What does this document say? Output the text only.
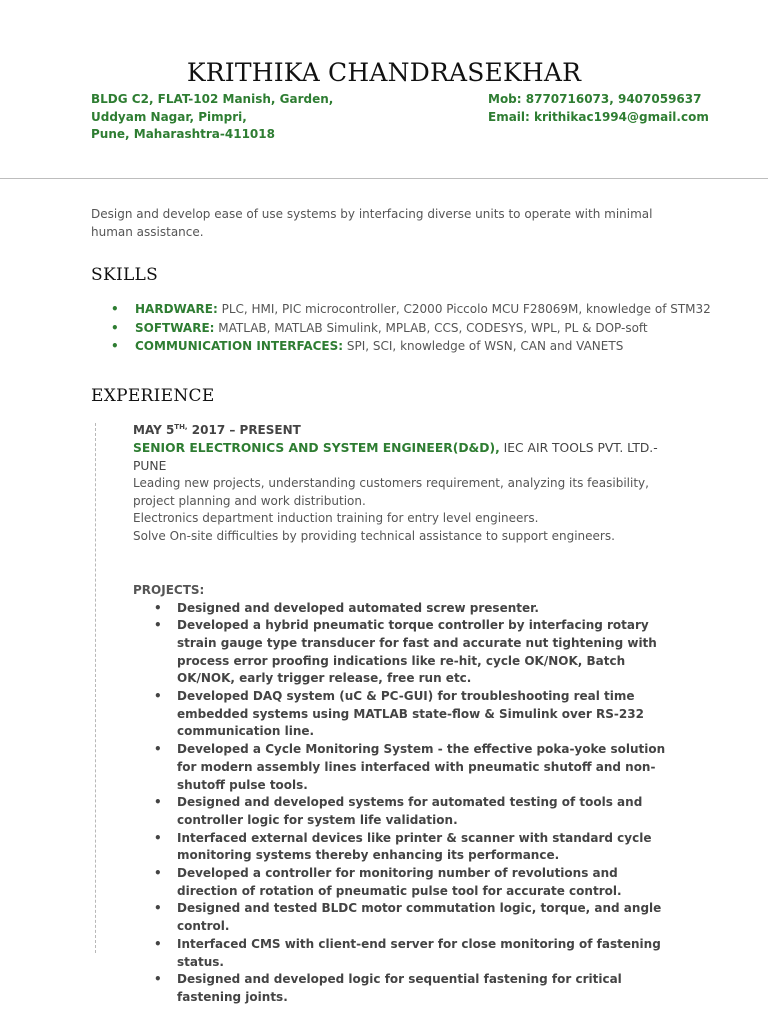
KRITHIKA CHANDRASEKHAR
BLDG C2, FLAT-102 Manish, Garden,
Uddyam Nagar, Pimpri,
Pune, Maharashtra-411018
Mob: 8770716073, 9407059637
Email: krithikac1994@gmail.com
Design and develop ease of use systems by interfacing diverse units to operate with minimal human assistance.
SKILLS
• HARDWARE: PLC, HMI, PIC microcontroller, C2000 Piccolo MCU F28069M, knowledge of STM32
• SOFTWARE: MATLAB, MATLAB Simulink, MPLAB, CCS, CODESYS, WPL, PL & DOP-soft
• COMMUNICATION INTERFACES: SPI, SCI, knowledge of WSN, CAN and VANETS
EXPERIENCE
MAY $5^{TH,}$ 2017 – PRESENT
SENIOR ELECTRONICS AND SYSTEM ENGINEER(D&D), IEC AIR TOOLS PVT. LTD.- PUNE
Leading new projects, understanding customers requirement, analyzing its feasibility, project planning and work distribution.
Electronics department induction training for entry level engineers.
Solve On-site difficulties by providing technical assistance to support engineers.
PROJECTS:
• Designed and developed automated screw presenter.
• Developed a hybrid pneumatic torque controller by interfacing rotary strain gauge type transducer for fast and accurate nut tightening with process error proofing indications like re-hit, cycle OK/NOK, Batch OK/NOK, early trigger release, free run etc.
• Developed DAQ system (uC & PC-GUI) for troubleshooting real time embedded systems using MATLAB state-flow & Simulink over RS-232 communication line.
• Developed a Cycle Monitoring System - the effective poka-yoke solution for modern assembly lines interfaced with pneumatic shutoff and non-shutoff pulse tools.
• Designed and developed systems for automated testing of tools and controller logic for system life validation.
• Interfaced external devices like printer & scanner with standard cycle monitoring systems thereby enhancing its performance.
• Developed a controller for monitoring number of revolutions and direction of rotation of pneumatic pulse tool for accurate control.
• Designed and tested BLDC motor commutation logic, torque, and angle control.
• Interfaced CMS with client-end server for close monitoring of fastening status.
• Designed and developed logic for sequential fastening for critical fastening joints.
